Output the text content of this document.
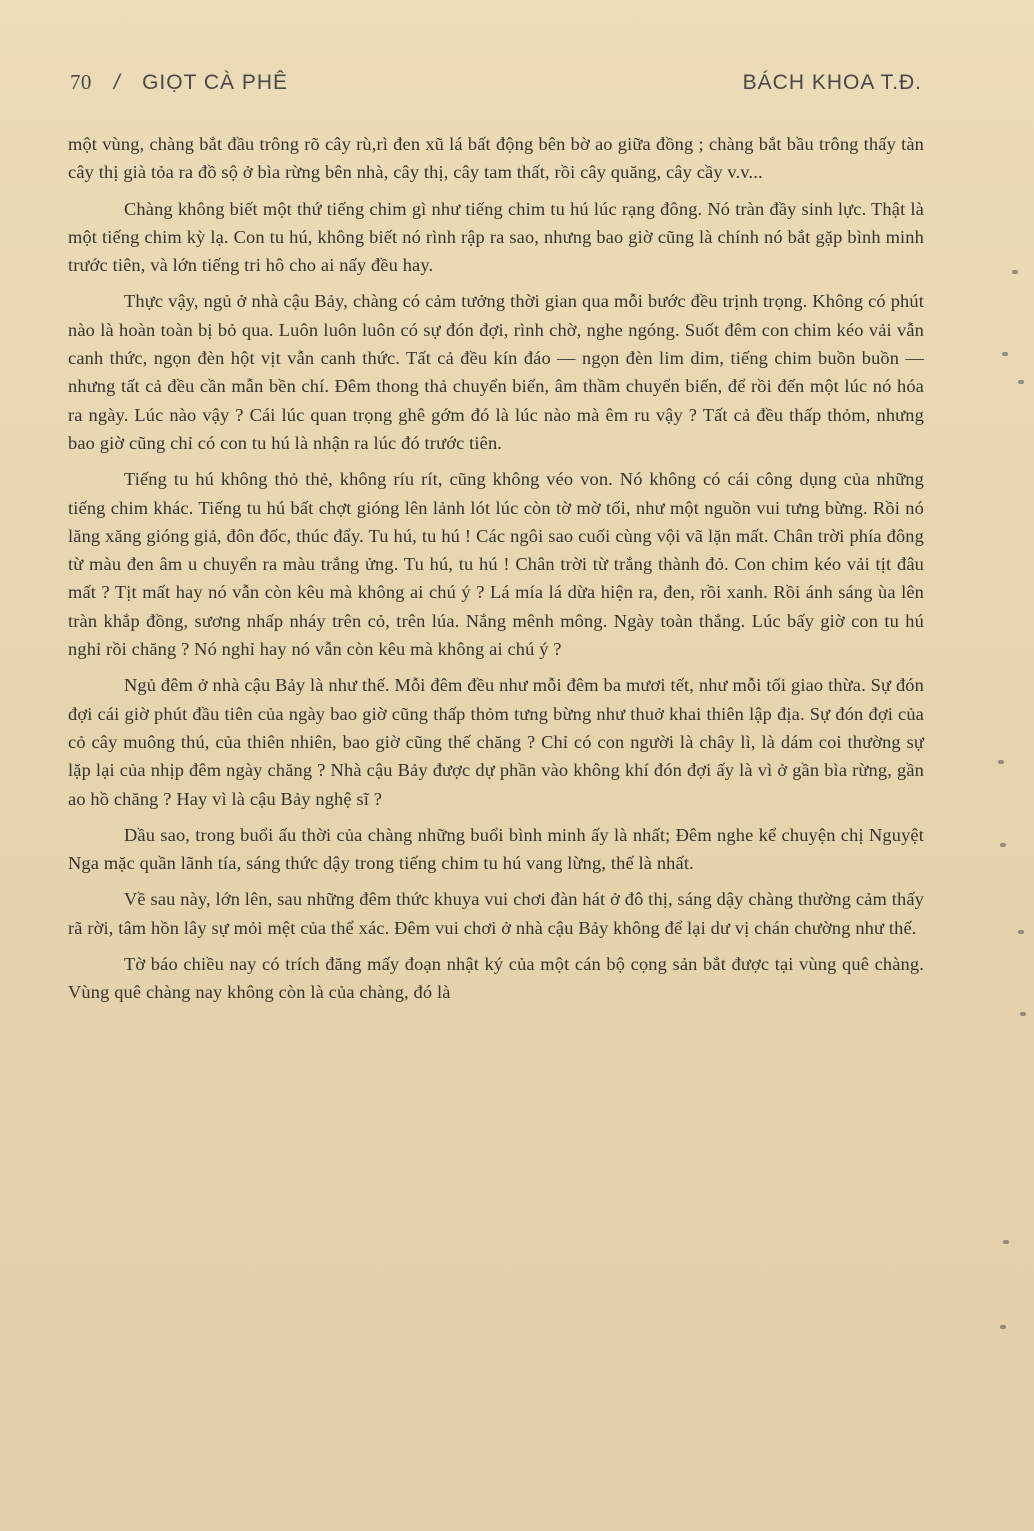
70 / GIỌT CÀ PHÊ	BÁCH KHOA T.Đ.

một vùng, chàng bắt đầu trông rõ cây rù,rì đen xũ lá bất động bên bờ ao giữa đồng ; chàng bắt bầu trông thấy tàn cây thị già tỏa ra đồ sộ ở bìa rừng bên nhà, cây thị, cây tam thất, rồi cây quăng, cây cầy v.v...

Chàng không biết một thứ tiếng chim gì như tiếng chim tu hú lúc rạng đông. Nó tràn đầy sinh lực. Thật là một tiếng chim kỳ lạ. Con tu hú, không biết nó rình rập ra sao, nhưng bao giờ cũng là chính nó bắt gặp bình minh trước tiên, và lớn tiếng tri hô cho ai nấy đều hay.

Thực vậy, ngủ ở nhà cậu Bảy, chàng có cảm tưởng thời gian qua mỗi bước đều trịnh trọng. Không có phút nào là hoàn toàn bị bỏ qua. Luôn luôn luôn có sự đón đợi, rình chờ, nghe ngóng. Suốt đêm con chim kéo vải vẫn canh thức, ngọn đèn hột vịt vẫn canh thức. Tất cả đều kín đáo — ngọn đèn lim dim, tiếng chim buồn buồn — nhưng tất cả đều cần mẫn bền chí. Đêm thong thả chuyển biến, âm thầm chuyển biến, để rồi đến một lúc nó hóa ra ngày. Lúc nào vậy ? Cái lúc quan trọng ghê gớm đó là lúc nào mà êm ru vậy ? Tất cả đều thấp thỏm, nhưng bao giờ cũng chỉ có con tu hú là nhận ra lúc đó trước tiên.

Tiếng tu hú không thỏ thẻ, không ríu rít, cũng không véo von. Nó không có cái công dụng của những tiếng chim khác. Tiếng tu hú bất chợt gióng lên lảnh lót lúc còn tờ mờ tối, như một nguồn vui tưng bừng. Rồi nó lăng xăng gióng giả, đôn đốc, thúc đẩy. Tu hú, tu hú ! Các ngôi sao cuối cùng vội vã lặn mất. Chân trời phía đông từ màu đen âm u chuyển ra màu trắng ửng. Tu hú, tu hú ! Chân trời từ trắng thành đỏ. Con chim kéo vải tịt đâu mất ? Tịt mất hay nó vẫn còn kêu mà không ai chú ý ? Lá mía lá dừa hiện ra, đen, rồi xanh. Rồi ánh sáng ùa lên tràn khắp đồng, sương nhấp nháy trên cỏ, trên lúa. Nắng mênh mông. Ngày toàn thắng. Lúc bấy giờ con tu hú nghỉ rồi chăng ? Nó nghỉ hay nó vẫn còn kêu mà không ai chú ý ?

Ngủ đêm ở nhà cậu Bảy là như thế. Mỗi đêm đều như mỗi đêm ba mươi tết, như mỗi tối giao thừa. Sự đón đợi cái giờ phút đầu tiên của ngày bao giờ cũng thấp thỏm tưng bừng như thuở khai thiên lập địa. Sự đón đợi của cỏ cây muông thú, của thiên nhiên, bao giờ cũng thế chăng ? Chỉ có con người là chây lì, là dám coi thường sự lặp lại của nhịp đêm ngày chăng ? Nhà cậu Bảy được dự phần vào không khí đón đợi ấy là vì ở gần bìa rừng, gần ao hồ chăng ? Hay vì là cậu Bảy nghệ sĩ ?

Dầu sao, trong buổi ấu thời của chàng những buổi bình minh ấy là nhất; Đêm nghe kể chuyện chị Nguyệt Nga mặc quần lãnh tía, sáng thức dậy trong tiếng chim tu hú vang lừng, thế là nhất.

Về sau này, lớn lên, sau những đêm thức khuya vui chơi đàn hát ở đô thị, sáng dậy chàng thường cảm thấy rã rời, tâm hồn lây sự mỏi mệt của thể xác. Đêm vui chơi ở nhà cậu Bảy không để lại dư vị chán chường như thế.

Tờ báo chiều nay có trích đăng mấy đoạn nhật ký của một cán bộ cọng sản bắt được tại vùng quê chàng. Vùng quê chàng nay không còn là của chàng, đó là
